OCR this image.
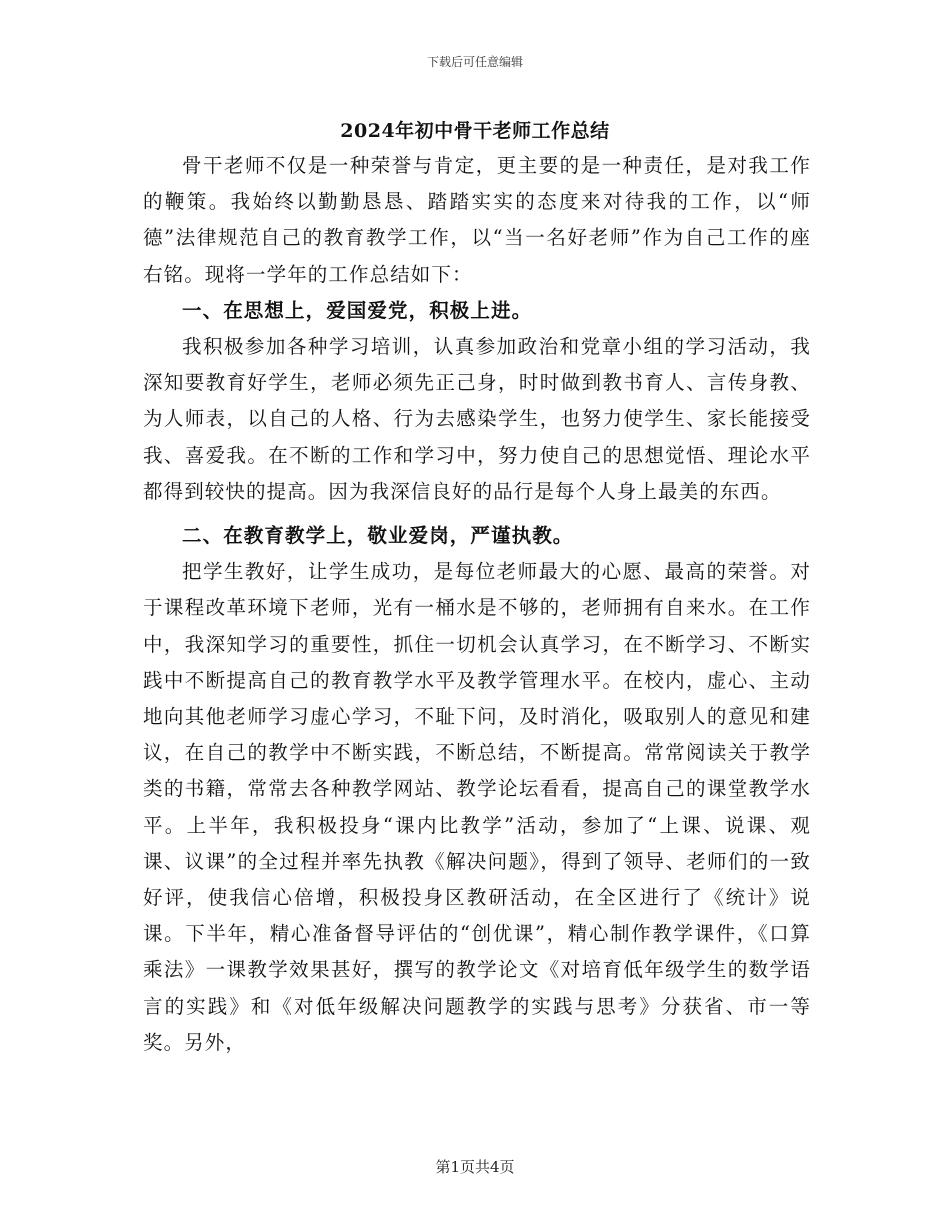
下载后可任意编辑
2024年初中骨干老师工作总结

骨干老师不仅是一种荣誉与肯定，更主要的是一种责任，是对我工作的鞭策。我始终以勤勤恳恳、踏踏实实的态度来对待我的工作，以“师德”法律规范自己的教育教学工作，以“当一名好老师”作为自己工作的座右铭。现将一学年的工作总结如下：

一、在思想上，爱国爱党，积极上进。

我积极参加各种学习培训，认真参加政治和党章小组的学习活动，我深知要教育好学生，老师必须先正己身，时时做到教书育人、言传身教、为人师表，以自己的人格、行为去感染学生，也努力使学生、家长能接受我、喜爱我。在不断的工作和学习中，努力使自己的思想觉悟、理论水平都得到较快的提高。因为我深信良好的品行是每个人身上最美的东西。

二、在教育教学上，敬业爱岗，严谨执教。

把学生教好，让学生成功，是每位老师最大的心愿、最高的荣誉。对于课程改革环境下老师，光有一桶水是不够的，老师拥有自来水。在工作中，我深知学习的重要性，抓住一切机会认真学习，在不断学习、不断实践中不断提高自己的教育教学水平及教学管理水平。在校内，虚心、主动地向其他老师学习虚心学习，不耻下问，及时消化，吸取别人的意见和建议，在自己的教学中不断实践，不断总结，不断提高。常常阅读关于教学类的书籍，常常去各种教学网站、教学论坛看看，提高自己的课堂教学水平。上半年，我积极投身“课内比教学”活动，参加了“上课、说课、观课、议课”的全过程并率先执教《解决问题》，得到了领导、老师们的一致好评，使我信心倍增，积极投身区教研活动，在全区进行了《统计》说课。下半年，精心准备督导评估的“创优课”，精心制作教学课件，《口算乘法》一课教学效果甚好，撰写的教学论文《对培育低年级学生的数学语言的实践》和《对低年级解决问题教学的实践与思考》分获省、市一等奖。另外，

第1页共4页
